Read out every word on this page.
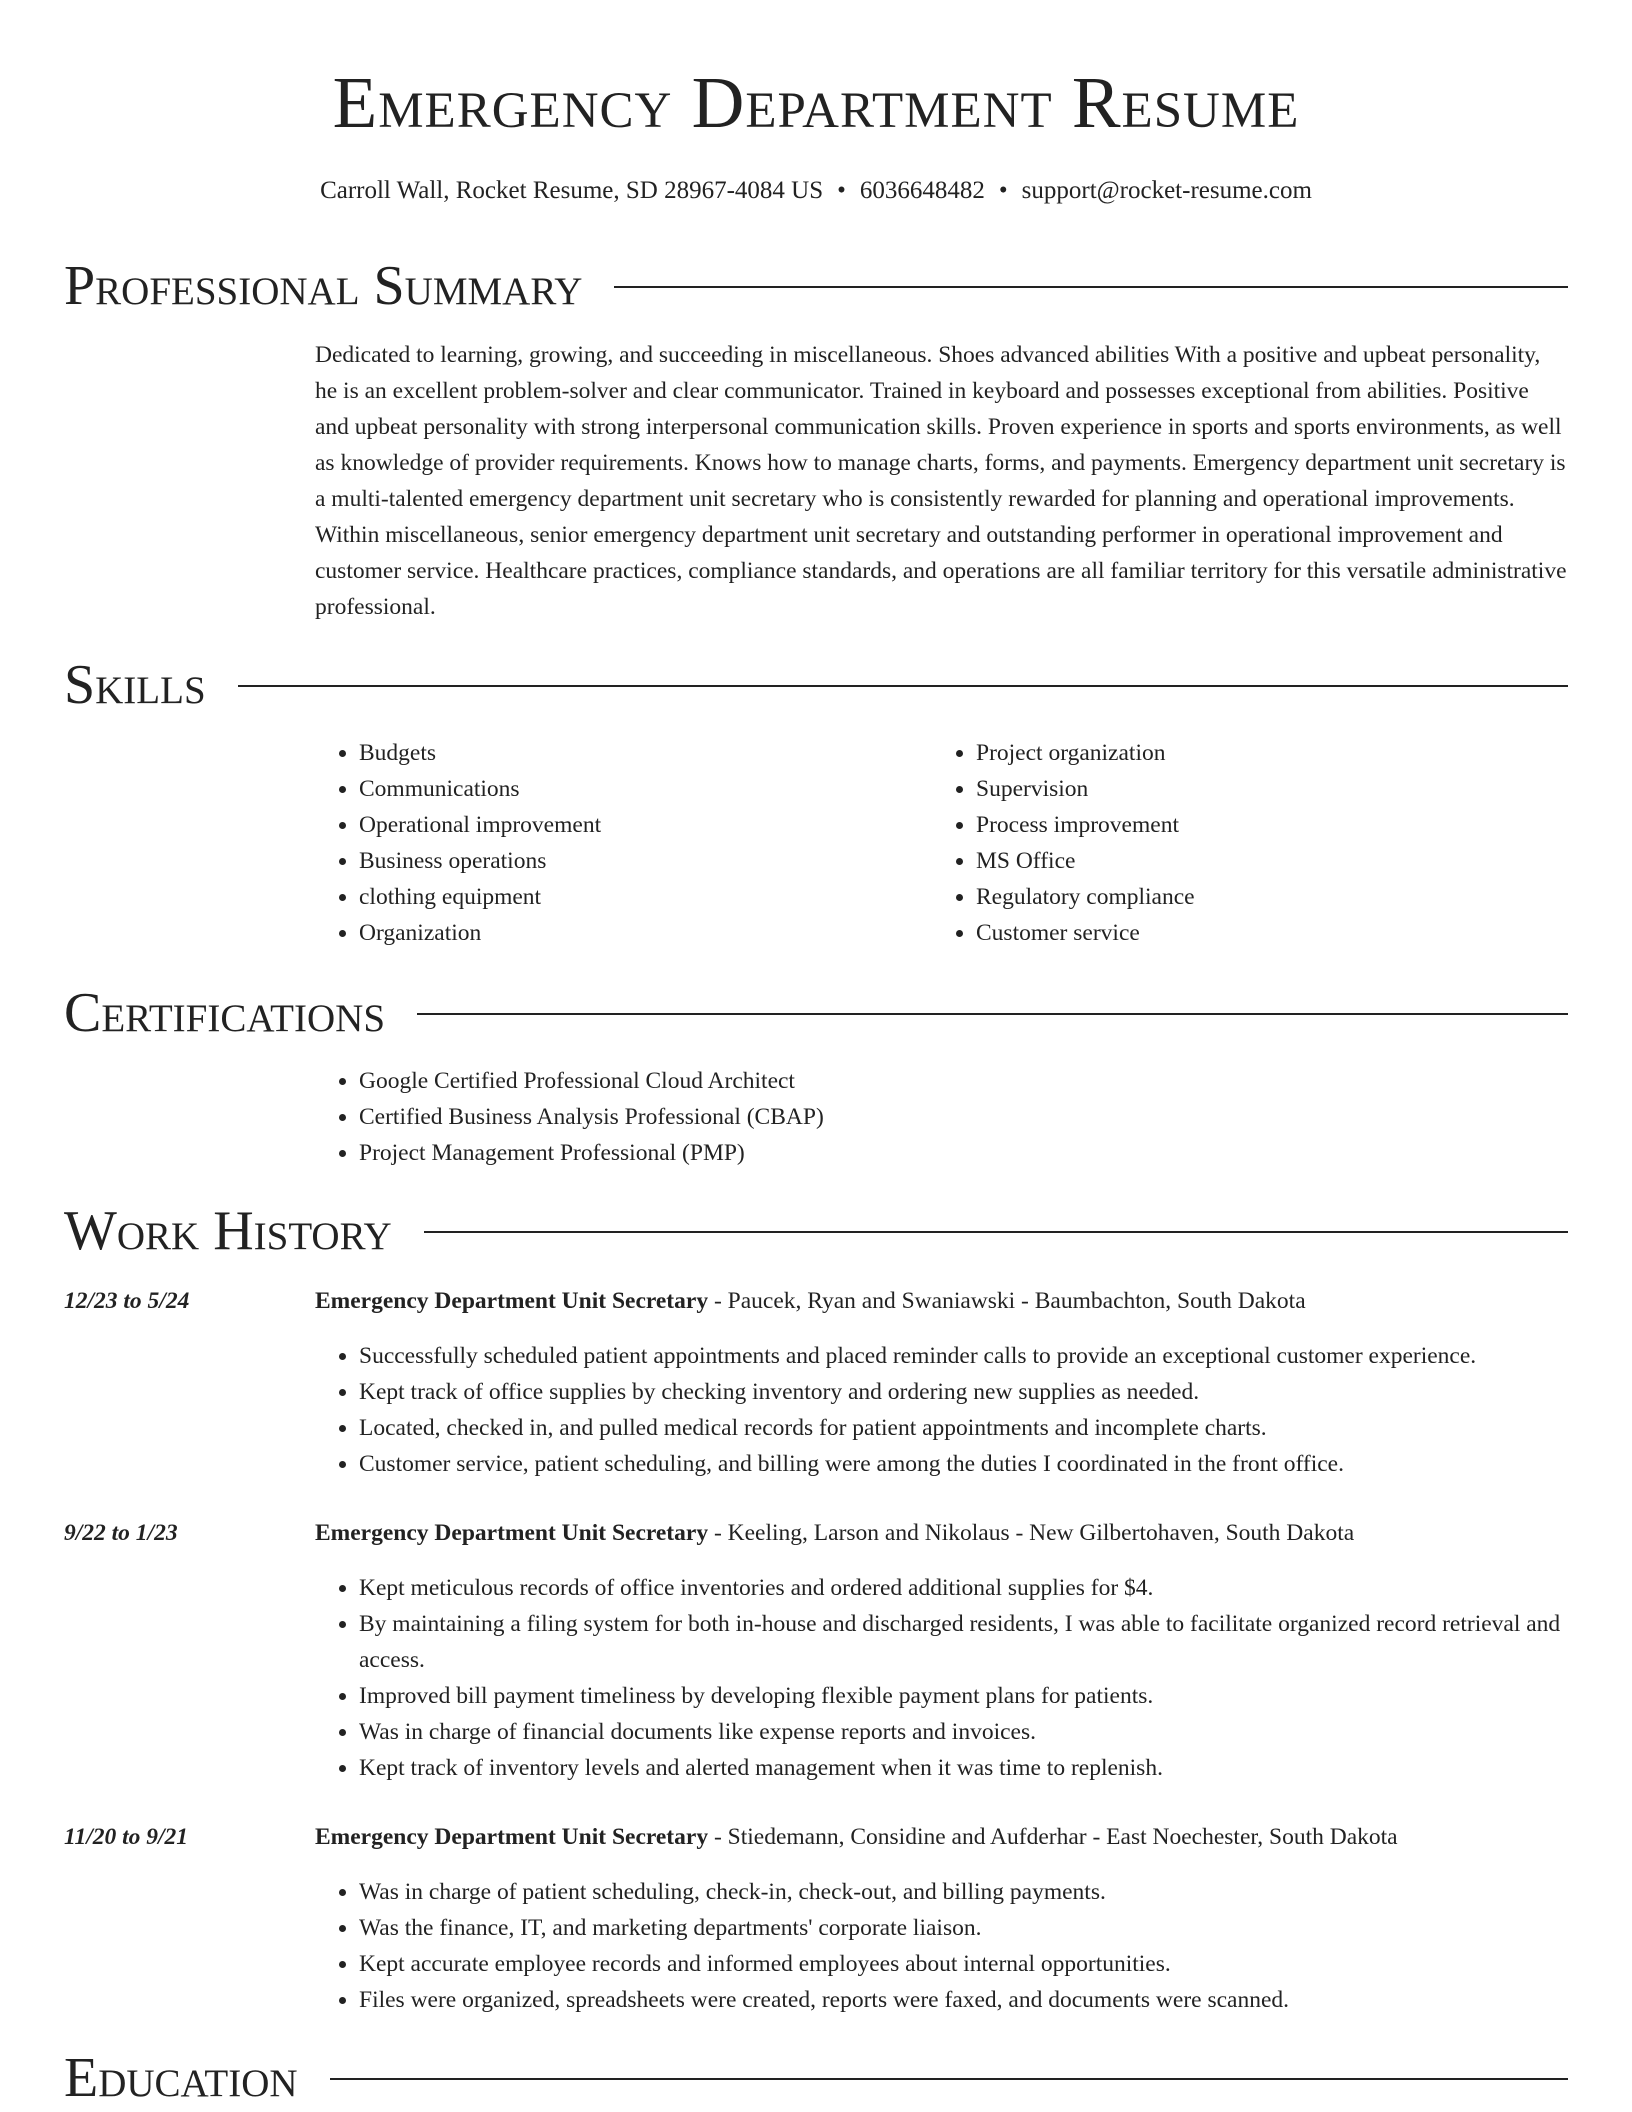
Emergency Department Resume
Carroll Wall, Rocket Resume, SD 28967-4084 US • 6036648482 • support@rocket-resume.com
Professional Summary

Dedicated to learning, growing, and succeeding in miscellaneous. Shoes advanced abilities With a positive and upbeat personality, he is an excellent problem-solver and clear communicator. Trained in keyboard and possesses exceptional from abilities. Positive and upbeat personality with strong interpersonal communication skills. Proven experience in sports and sports environments, as well as knowledge of provider requirements. Knows how to manage charts, forms, and payments. Emergency department unit secretary is a multi-talented emergency department unit secretary who is consistently rewarded for planning and operational improvements. Within miscellaneous, senior emergency department unit secretary and outstanding performer in operational improvement and customer service. Healthcare practices, compliance standards, and operations are all familiar territory for this versatile administrative professional.

Skills
• Budgets
• Communications
• Operational improvement
• Business operations
• clothing equipment
• Organization
• Project organization
• Supervision
• Process improvement
• MS Office
• Regulatory compliance
• Customer service
Certifications
• Google Certified Professional Cloud Architect
• Certified Business Analysis Professional (CBAP)
• Project Management Professional (PMP)
Work History
12/23 to 5/24	Emergency Department Unit Secretary - Paucek, Ryan and Swaniawski - Baumbachton, South Dakota
• Successfully scheduled patient appointments and placed reminder calls to provide an exceptional customer experience.
• Kept track of office supplies by checking inventory and ordering new supplies as needed.
• Located, checked in, and pulled medical records for patient appointments and incomplete charts.
• Customer service, patient scheduling, and billing were among the duties I coordinated in the front office.
9/22 to 1/23	Emergency Department Unit Secretary - Keeling, Larson and Nikolaus - New Gilbertohaven, South Dakota
• Kept meticulous records of office inventories and ordered additional supplies for $4.
• By maintaining a filing system for both in-house and discharged residents, I was able to facilitate organized record retrieval and access.
• Improved bill payment timeliness by developing flexible payment plans for patients.
• Was in charge of financial documents like expense reports and invoices.
• Kept track of inventory levels and alerted management when it was time to replenish.
11/20 to 9/21	Emergency Department Unit Secretary - Stiedemann, Considine and Aufderhar - East Noechester, South Dakota
• Was in charge of patient scheduling, check-in, check-out, and billing payments.
• Was the finance, IT, and marketing departments' corporate liaison.
• Kept accurate employee records and informed employees about internal opportunities.
• Files were organized, spreadsheets were created, reports were faxed, and documents were scanned.
Education
